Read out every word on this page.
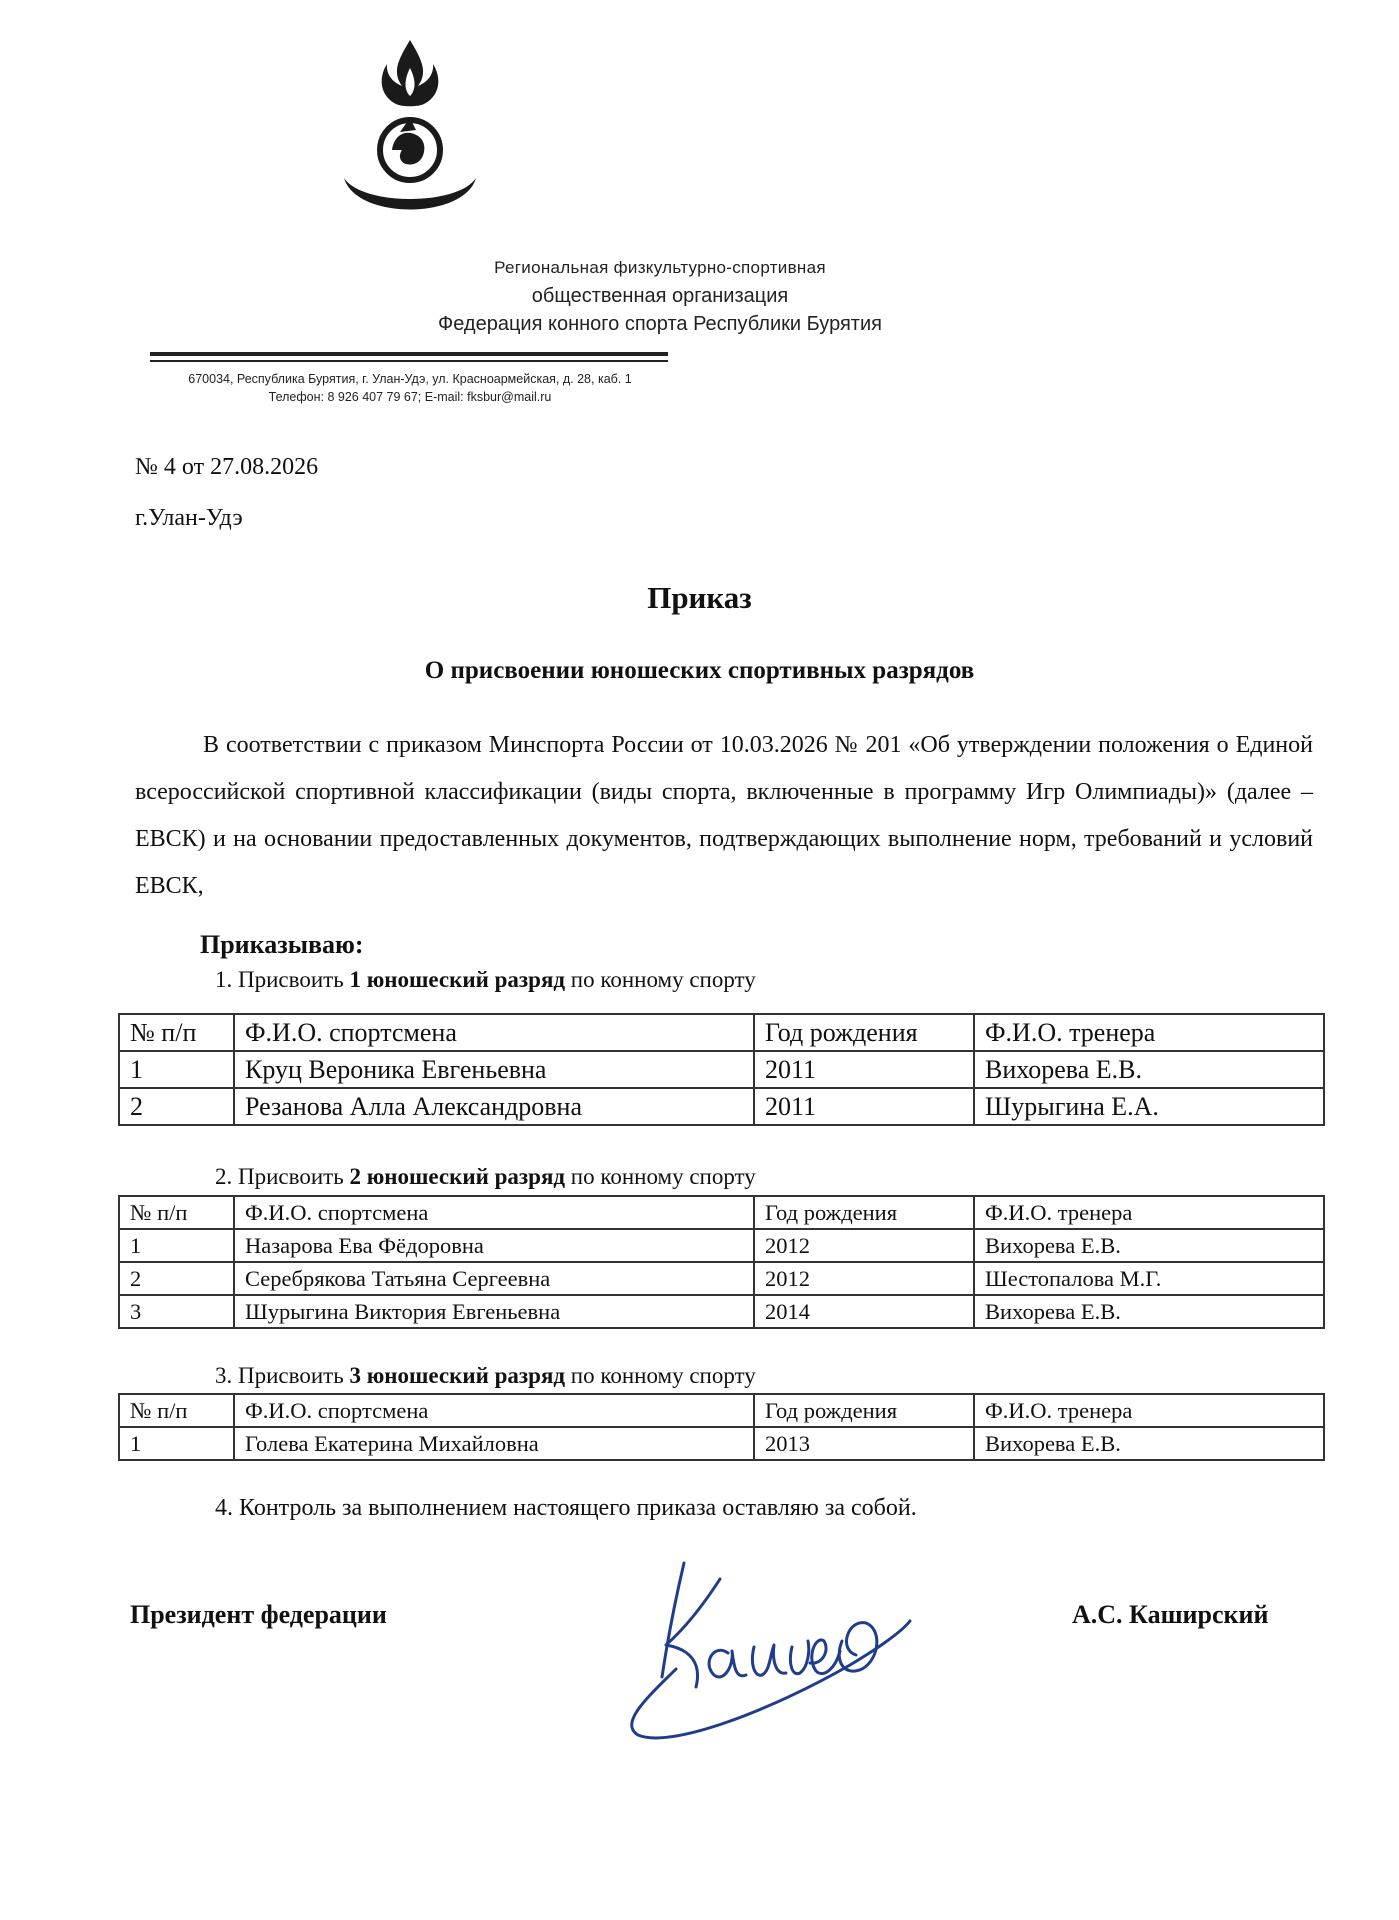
Региональная физкультурно-спортивная
общественная организация
Федерация конного спорта Республики Бурятия
670034, Республика Бурятия, г. Улан-Удэ, ул. Красноармейская, д. 28, каб. 1
Телефон: 8 926 407 79 67; E-mail: fksbur@mail.ru
№ 4 от 27.08.2026
г.Улан-Удэ
Приказ
О присвоении юношеских спортивных разрядов
В соответствии с приказом Минспорта России от 10.03.2026 № 201 «Об утверждении положения о Единой всероссийской спортивной классификации (виды спорта, включенные в программу Игр Олимпиады)» (далее – ЕВСК) и на основании предоставленных документов, подтверждающих выполнение норм, требований и условий ЕВСК,
Приказываю:
1. Присвоить 1 юношеский разряд по конному спорту
№ п/п	Ф.И.О. спортсмена	Год рождения	Ф.И.О. тренера
1	Круц Вероника Евгеньевна	2011	Вихорева Е.В.
2	Резанова Алла Александровна	2011	Шурыгина Е.А.
2. Присвоить 2 юношеский разряд по конному спорту
№ п/п	Ф.И.О. спортсмена	Год рождения	Ф.И.О. тренера
1	Назарова Ева Фёдоровна	2012	Вихорева Е.В.
2	Серебрякова Татьяна Сергеевна	2012	Шестопалова М.Г.
3	Шурыгина Виктория Евгеньевна	2014	Вихорева Е.В.
3. Присвоить 3 юношеский разряд по конному спорту
№ п/п	Ф.И.О. спортсмена	Год рождения	Ф.И.О. тренера
1	Голева Екатерина Михайловна	2013	Вихорева Е.В.
4. Контроль за выполнением настоящего приказа оставляю за собой.
Президент федерации	А.С. Каширский
